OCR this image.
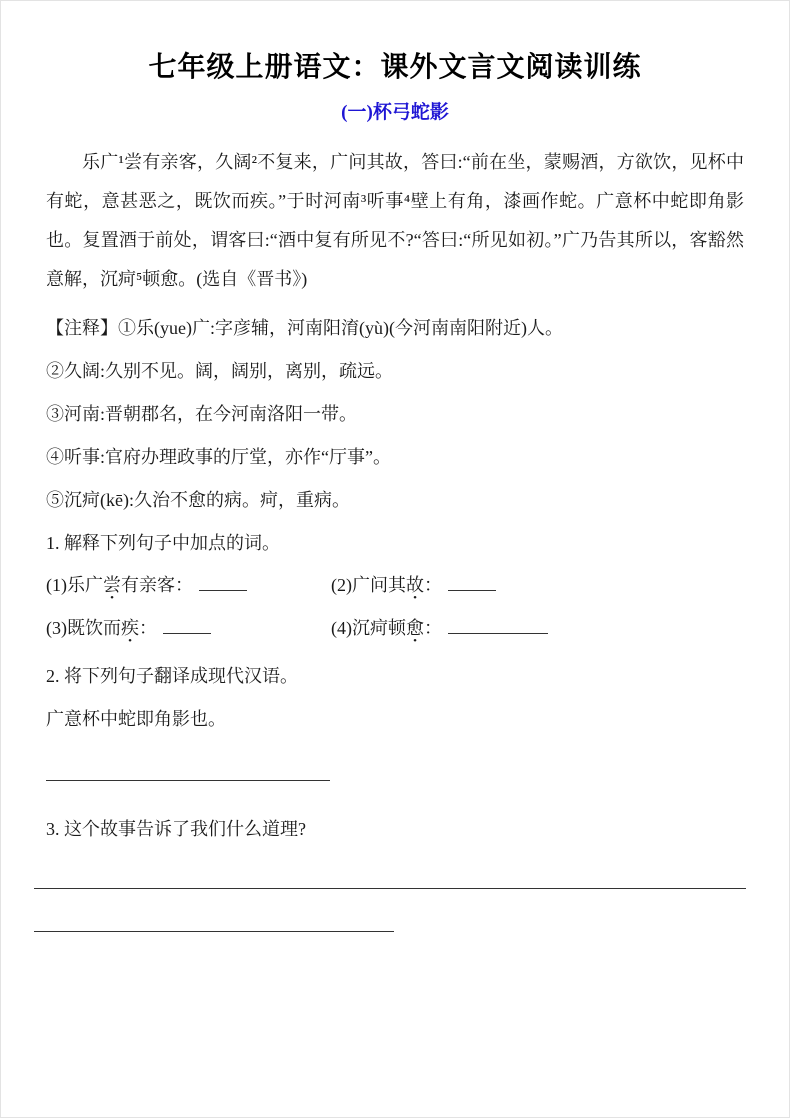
七年级上册语文：课外文言文阅读训练
(一)杯弓蛇影

乐广¹尝有亲客，久阔²不复来，广问其故，答曰:“前在坐，蒙赐酒，方欲饮，见杯中有蛇，意甚恶之，既饮而疾。”于时河南³听事⁴壁上有角，漆画作蛇。广意杯中蛇即角影也。复置酒于前处，谓客曰:“酒中复有所见不?“答曰:“所见如初。”广乃告其所以，客豁然意解，沉疴⁵顿愈。(选自《晋书》)

【注释】①乐(yue)广:字彦辅，河南阳淯(yù)(今河南南阳附近)人。

②久阔:久别不见。阔，阔别，离别，疏远。

③河南:晋朝郡名，在今河南洛阳一带。

④听事:官府办理政事的厅堂，亦作“厅事”。

⑤沉疴(kē):久治不愈的病。疴，重病。

1. 解释下列句子中加点的词。

(1)乐广尝有亲客：	(2)广问其故：
(3)既饮而疾：	(4)沉疴顿愈：

2. 将下列句子翻译成现代汉语。

广意杯中蛇即角影也。

3. 这个故事告诉了我们什么道理?
